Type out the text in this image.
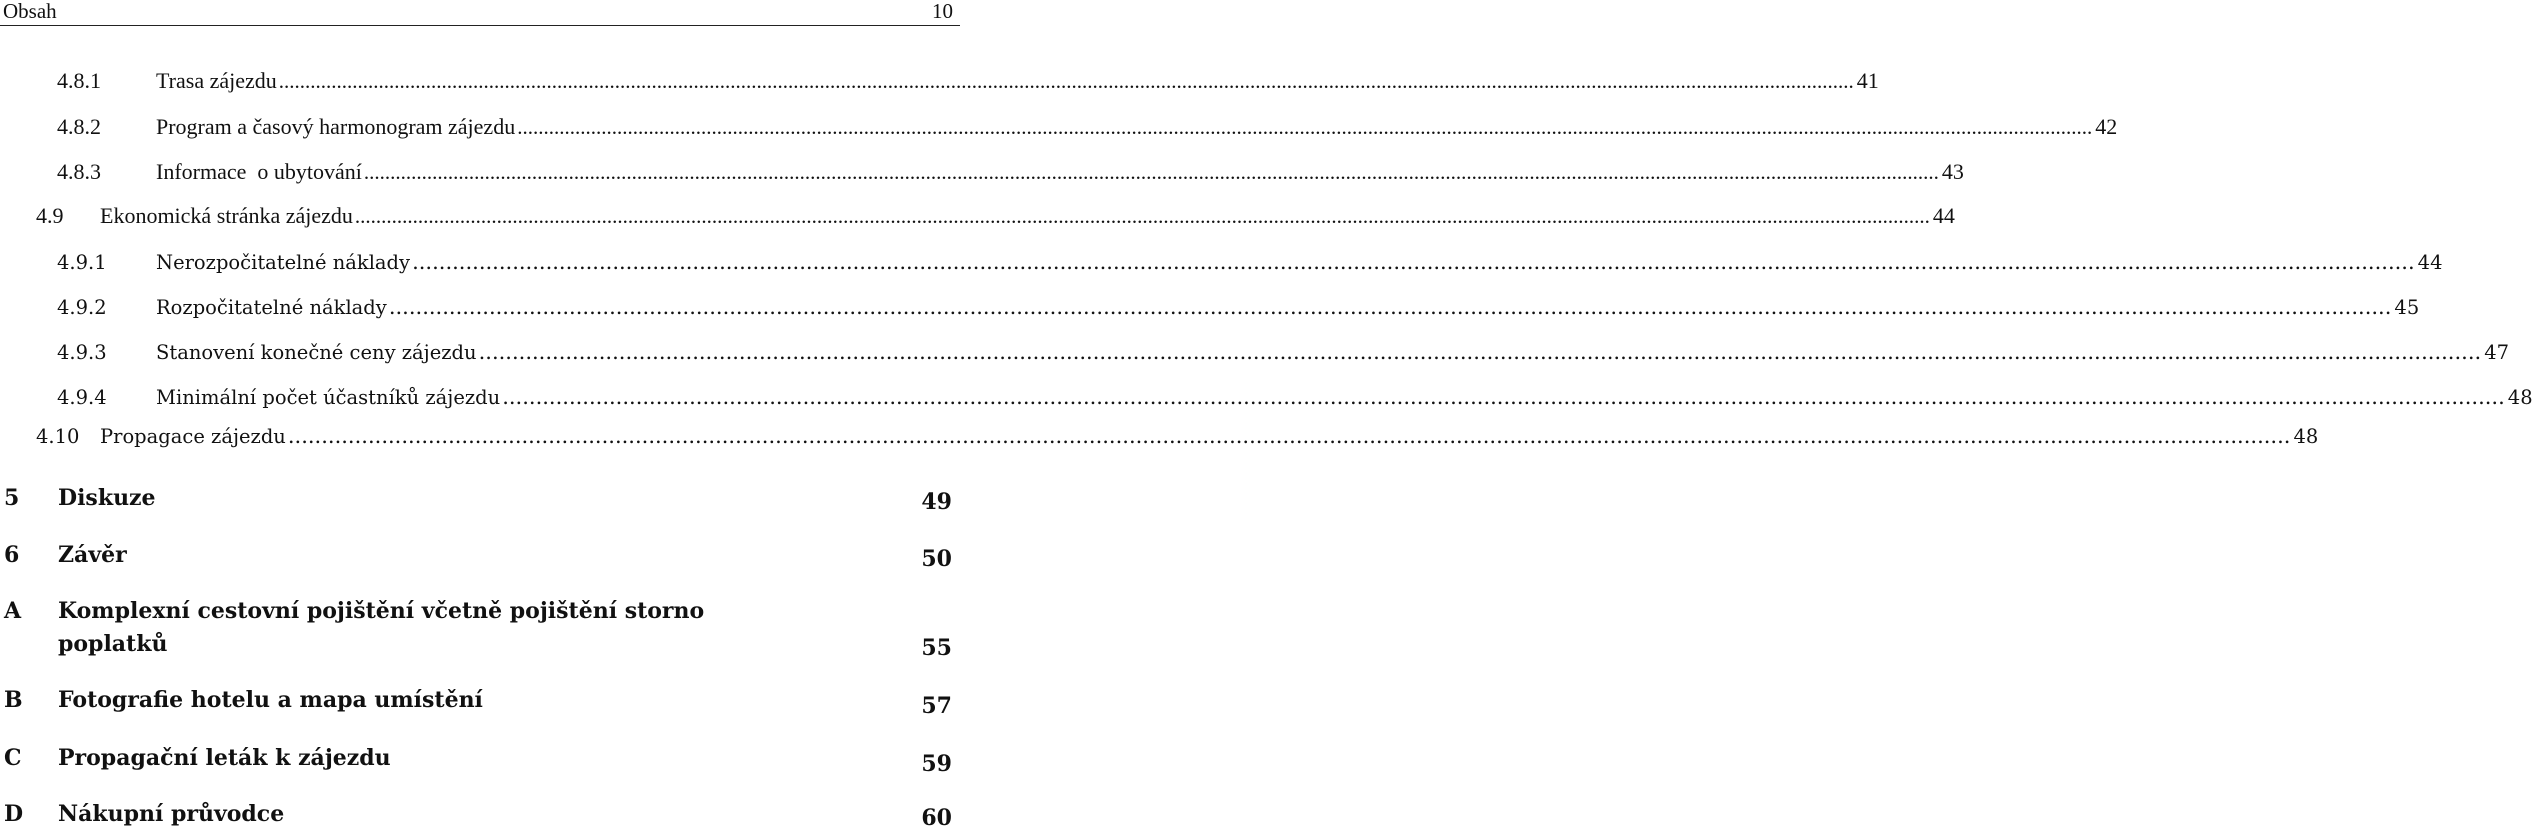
Obsah	10
4.8.1	Trasa zájezdu ............................................................................................................................................................................................................................................................................................................ 41
4.8.2	Program a časový harmonogram zájezdu ............................................................................................................................................................................................................................................................................................................ 42
4.8.3	Informace  o ubytování ............................................................................................................................................................................................................................................................................................................ 43
4.9	Ekonomická stránka zájezdu ............................................................................................................................................................................................................................................................................................................ 44
4.9.1	Nerozpočitatelné náklady ............................................................................................................................................................................................................................................................................................................ 44
4.9.2	Rozpočitatelné náklady ............................................................................................................................................................................................................................................................................................................ 45
4.9.3	Stanovení konečné ceny zájezdu ............................................................................................................................................................................................................................................................................................................ 47
4.9.4	Minimální počet účastníků zájezdu ............................................................................................................................................................................................................................................................................................................ 48
4.10	Propagace zájezdu ............................................................................................................................................................................................................................................................................................................ 48
5 Diskuze	49
6 Závěr	50
A Komplexní cestovní pojištění včetně pojištění storno
poplatků	55
B Fotografie hotelu a mapa umístění	57
C Propagační leták k zájezdu	59
D Nákupní průvodce	60
